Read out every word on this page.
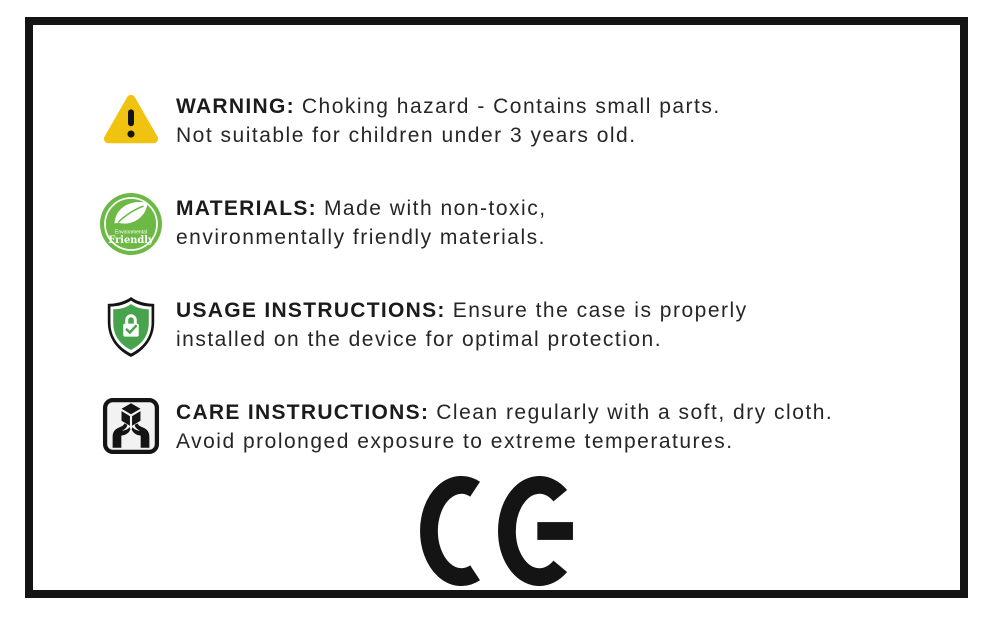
WARNING: Choking hazard - Contains small parts.

Not suitable for children under 3 years old.

Environmental
Friendly

MATERIALS: Made with non-toxic,

environmentally friendly materials.

USAGE INSTRUCTIONS: Ensure the case is properly

installed on the device for optimal protection.

CARE INSTRUCTIONS: Clean regularly with a soft, dry cloth.

Avoid prolonged exposure to extreme temperatures.
